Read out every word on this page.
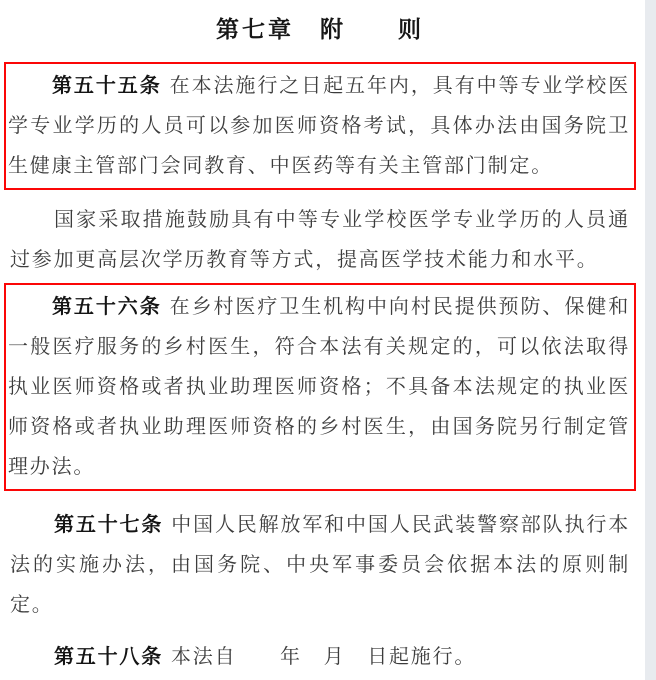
第七章　附　　则

第五十五条 在本法施行之日起五年内，具有中等专业学校医学专业学历的人员可以参加医师资格考试，具体办法由国务院卫生健康主管部门会同教育、中医药等有关主管部门制定。

国家采取措施鼓励具有中等专业学校医学专业学历的人员通过参加更高层次学历教育等方式，提高医学技术能力和水平。

第五十六条 在乡村医疗卫生机构中向村民提供预防、保健和一般医疗服务的乡村医生，符合本法有关规定的，可以依法取得执业医师资格或者执业助理医师资格；不具备本法规定的执业医师资格或者执业助理医师资格的乡村医生，由国务院另行制定管理办法。

第五十七条 中国人民解放军和中国人民武装警察部队执行本法的实施办法，由国务院、中央军事委员会依据本法的原则制定。

第五十八条 本法自　　年　月　日起施行。
